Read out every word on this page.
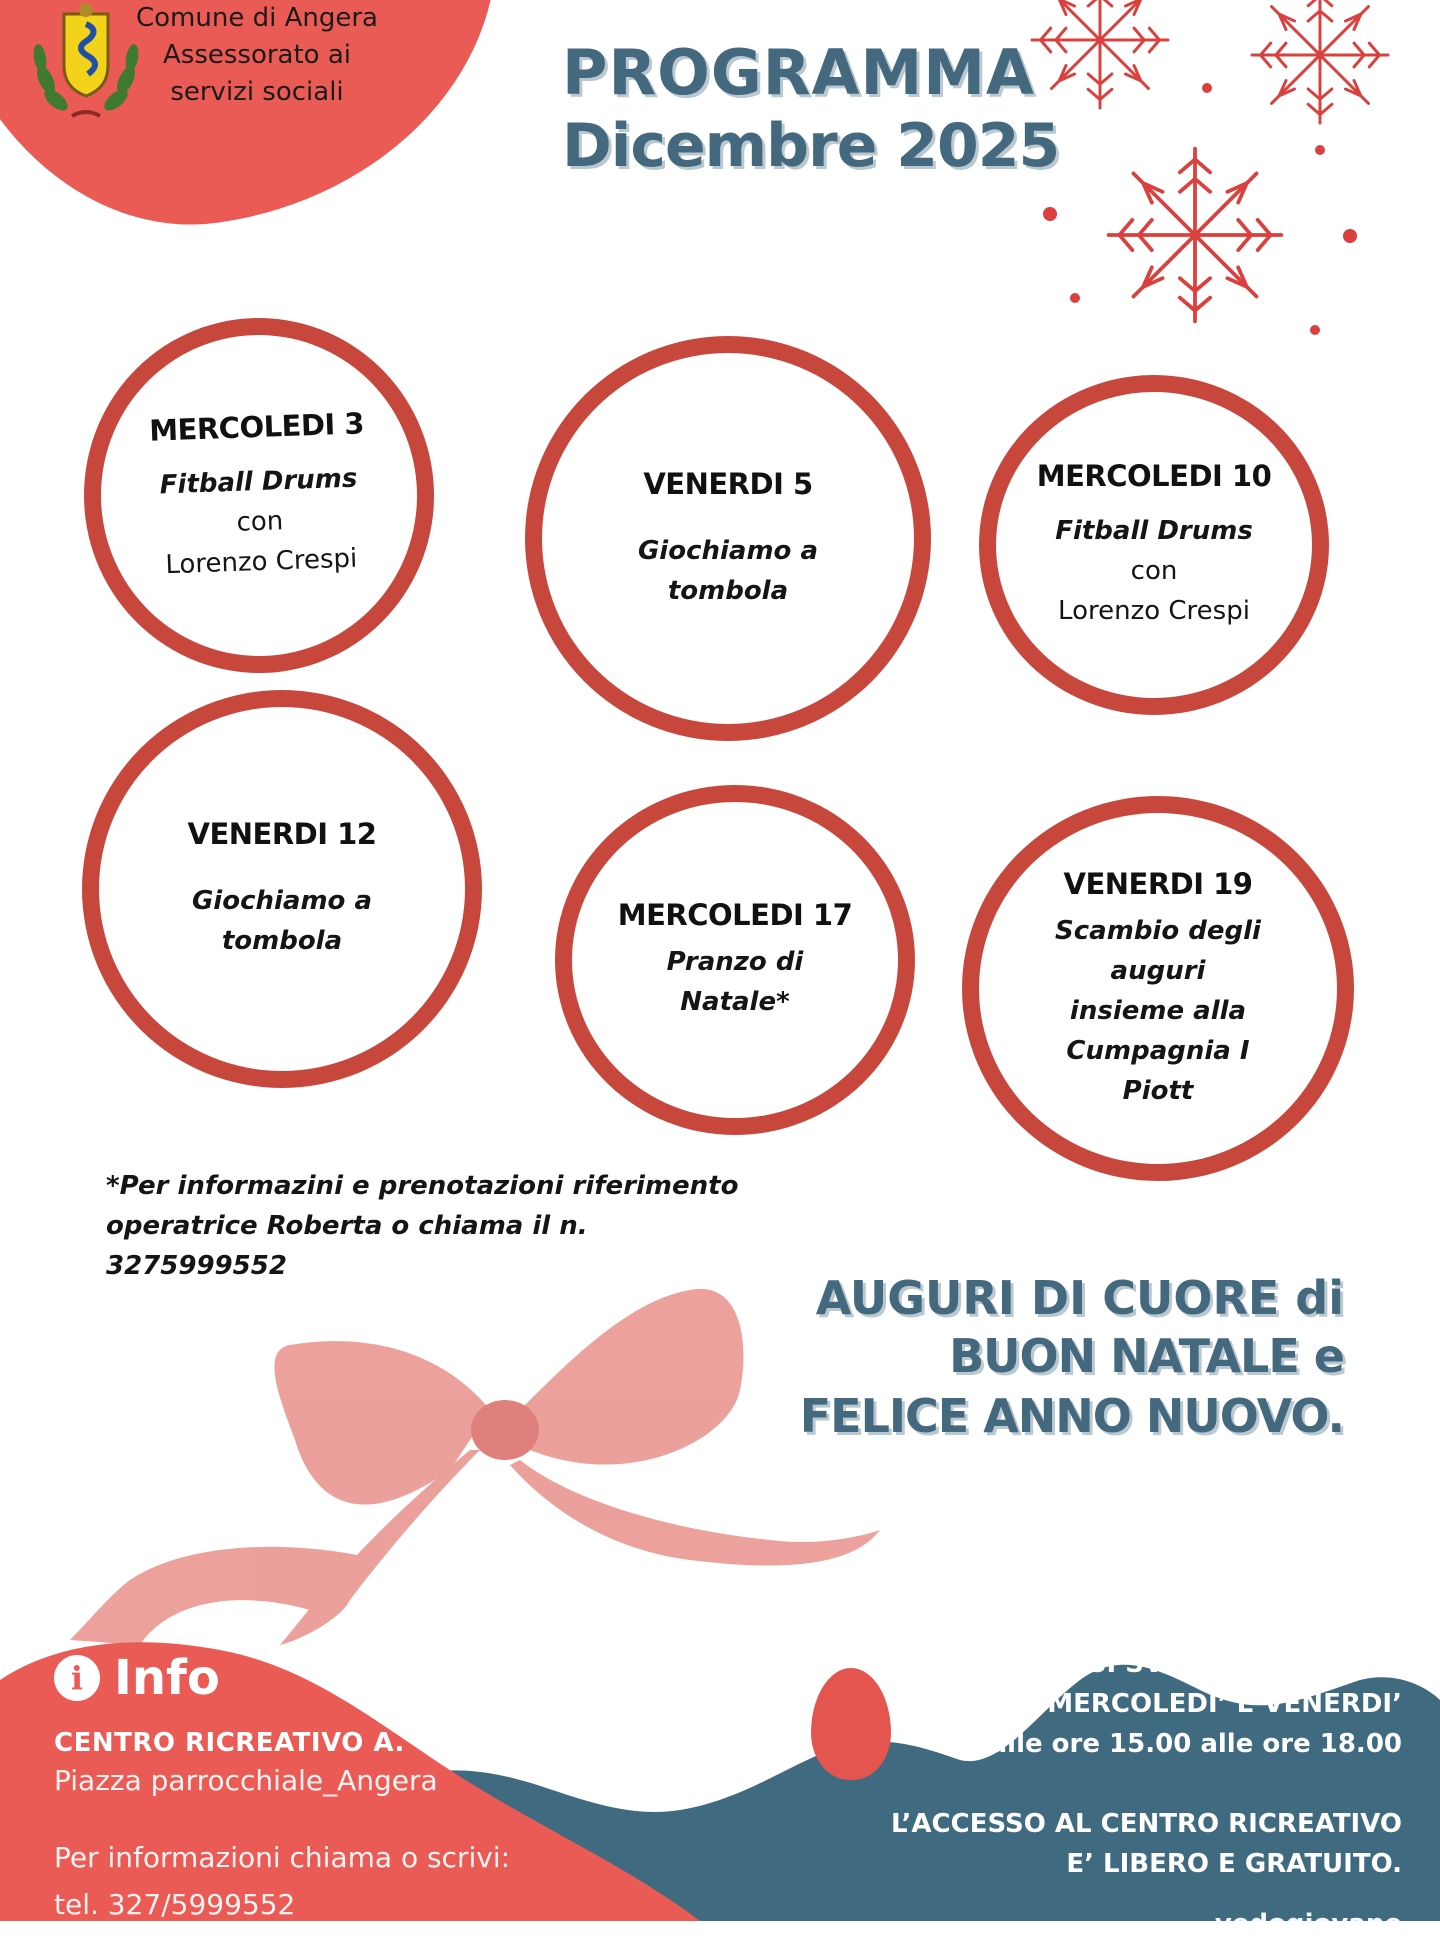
Comune di Angera
Assessorato ai
servizi sociali	PROGRAMMA
Dicembre 2025
MERCOLEDI 3
Fitball Drums
con
Lorenzo Crespi
VENERDI 5
Giochiamo a
tombola
MERCOLEDI 10
Fitball Drums
con
Lorenzo Crespi
VENERDI 12
Giochiamo a
tombola
MERCOLEDI 17
Pranzo di
Natale*
VENERDI 19
Scambio degli
auguri
insieme alla
Cumpagnia I
Piott
*Per informazini e prenotazioni riferimento
operatrice Roberta o chiama il n.
3275999552
AUGURI DI CUORE di
BUON NATALE e
FELICE ANNO NUOVO.
i Info
CENTRO RICREATIVO A. GROSSI
Piazza parrocchiale_Angera
Per informazioni chiama o scrivi:
tel. 327/5999552
LE ATTIVITA’ SI SVOLGONO TUTTI I
MERCOLEDI’ E VENERDI’
Dalle ore 15.00 alle ore 18.00
L’ACCESSO AL CENTRO RICREATIVO
E’ LIBERO E GRATUITO.
vedogiovane
